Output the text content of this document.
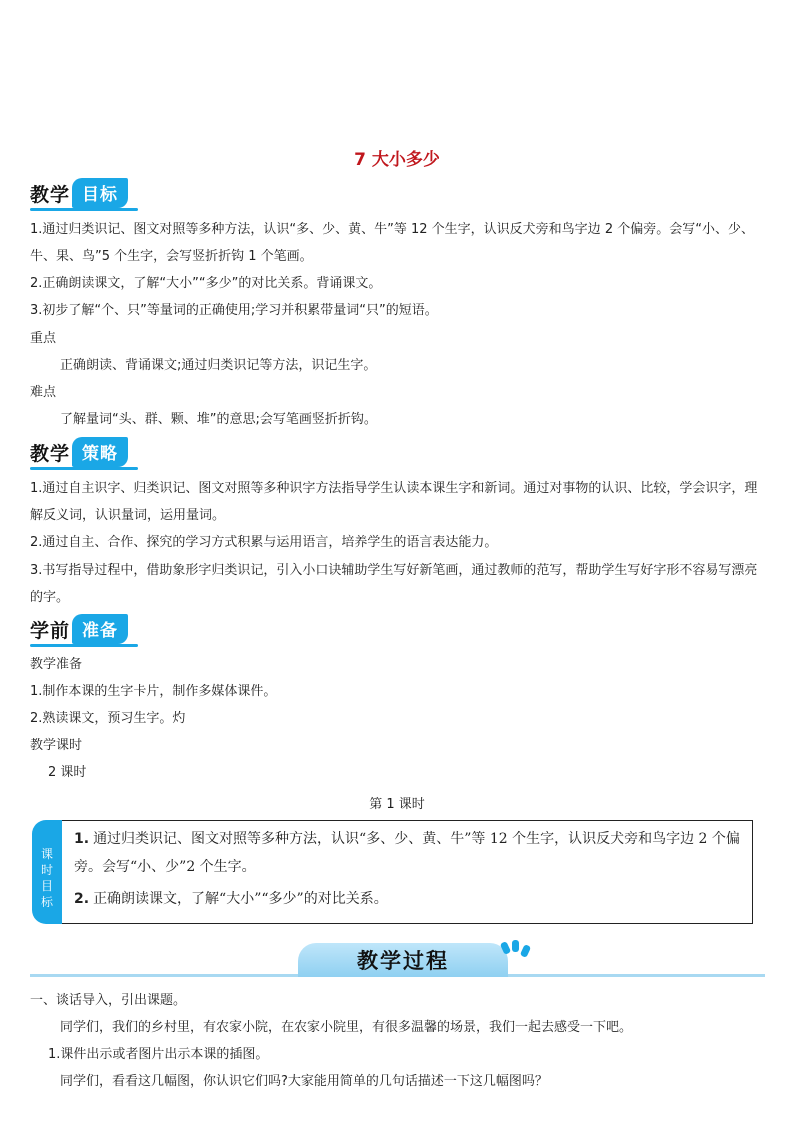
7 大小多少
教学 目标
1.通过归类识记、图文对照等多种方法，认识“多、少、黄、牛”等 12 个生字，认识反犬旁和鸟字边 2 个偏旁。会写“小、少、牛、果、鸟”5 个生字，会写竖折折钩 1 个笔画。
2.正确朗读课文，了解“大小”“多少”的对比关系。背诵课文。
3.初步了解“个、只”等量词的正确使用;学习并积累带量词“只”的短语。
重点
正确朗读、背诵课文;通过归类识记等方法，识记生字。
难点
了解量词“头、群、颗、堆”的意思;会写笔画竖折折钩。
教学 策略
1.通过自主识字、归类识记、图文对照等多种识字方法指导学生认读本课生字和新词。通过对事物的认识、比较，学会识字，理解反义词，认识量词，运用量词。
2.通过自主、合作、探究的学习方式积累与运用语言，培养学生的语言表达能力。
3.书写指导过程中，借助象形字归类识记，引入小口诀辅助学生写好新笔画，通过教师的范写，帮助学生写好字形不容易写漂亮的字。
学前 准备
教学准备
1.制作本课的生字卡片，制作多媒体课件。
2.熟读课文，预习生字。灼
教学课时
2 课时
第 1 课时
课时目标
1. 通过归类识记、图文对照等多种方法，认识“多、少、黄、牛”等 12 个生字，认识反犬旁和鸟字边 2 个偏旁。会写“小、少”2 个生字。
2. 正确朗读课文，了解“大小”“多少”的对比关系。
教学过程
一、谈话导入，引出课题。
同学们，我们的乡村里，有农家小院，在农家小院里，有很多温馨的场景，我们一起去感受一下吧。
1.课件出示或者图片出示本课的插图。
同学们，看看这几幅图，你认识它们吗?大家能用简单的几句话描述一下这几幅图吗？
